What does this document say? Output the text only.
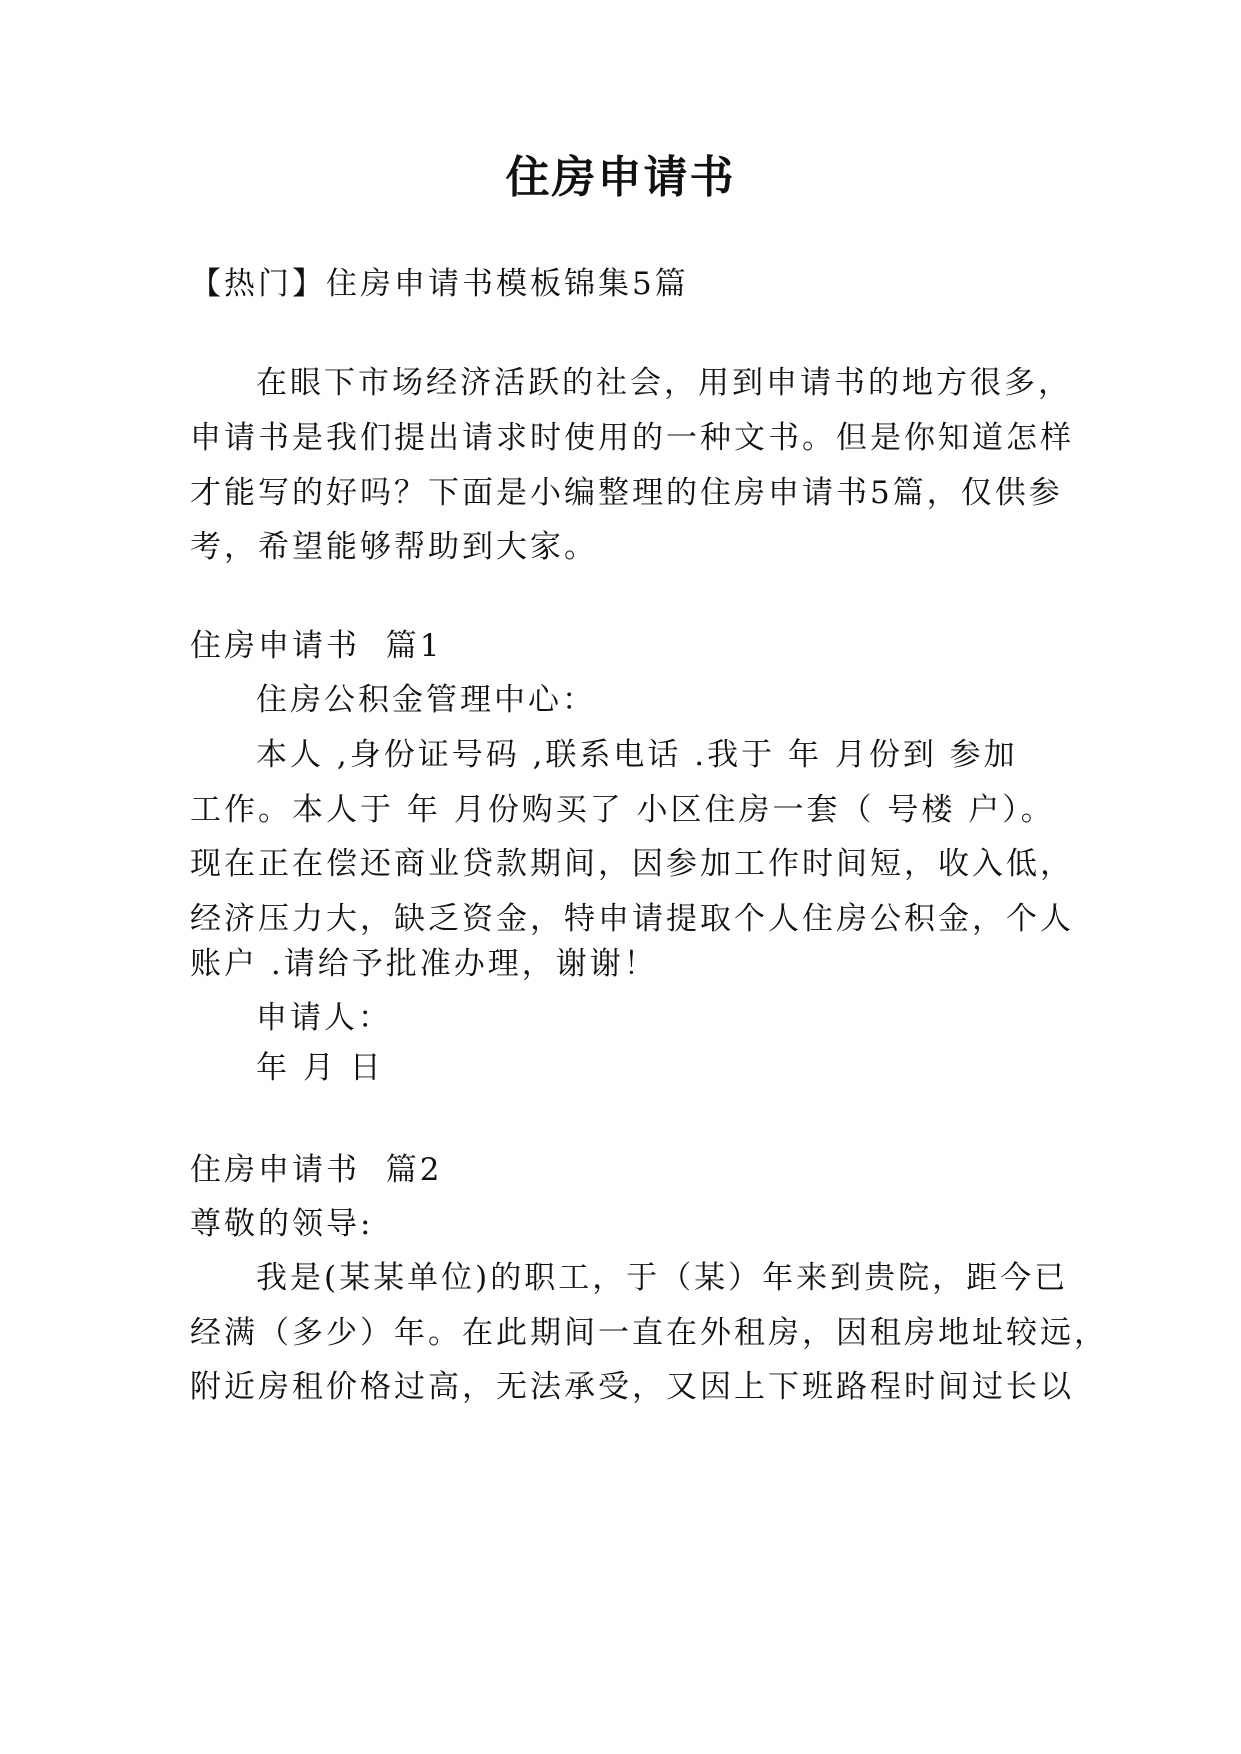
住房申请书
【热门】住房申请书模板锦集5篇
在眼下市场经济活跃的社会，用到申请书的地方很多，
申请书是我们提出请求时使用的一种文书。但是你知道怎样
才能写的好吗？下面是小编整理的住房申请书5篇，仅供参
考，希望能够帮助到大家。
住房申请书  篇1
住房公积金管理中心：
本人 ,身份证号码 ,联系电话 .我于 年 月份到 参加
工作。本人于 年 月份购买了 小区住房一套（ 号楼 户）。
现在正在偿还商业贷款期间，因参加工作时间短，收入低，
经济压力大，缺乏资金，特申请提取个人住房公积金，个人
账户 .请给予批准办理，谢谢！
申请人：
年 月 日
住房申请书  篇2
尊敬的领导:
我是(某某单位)的职工，于（某）年来到贵院，距今已
经满（多少）年。在此期间一直在外租房，因租房地址较远，
附近房租价格过高，无法承受，又因上下班路程时间过长以
